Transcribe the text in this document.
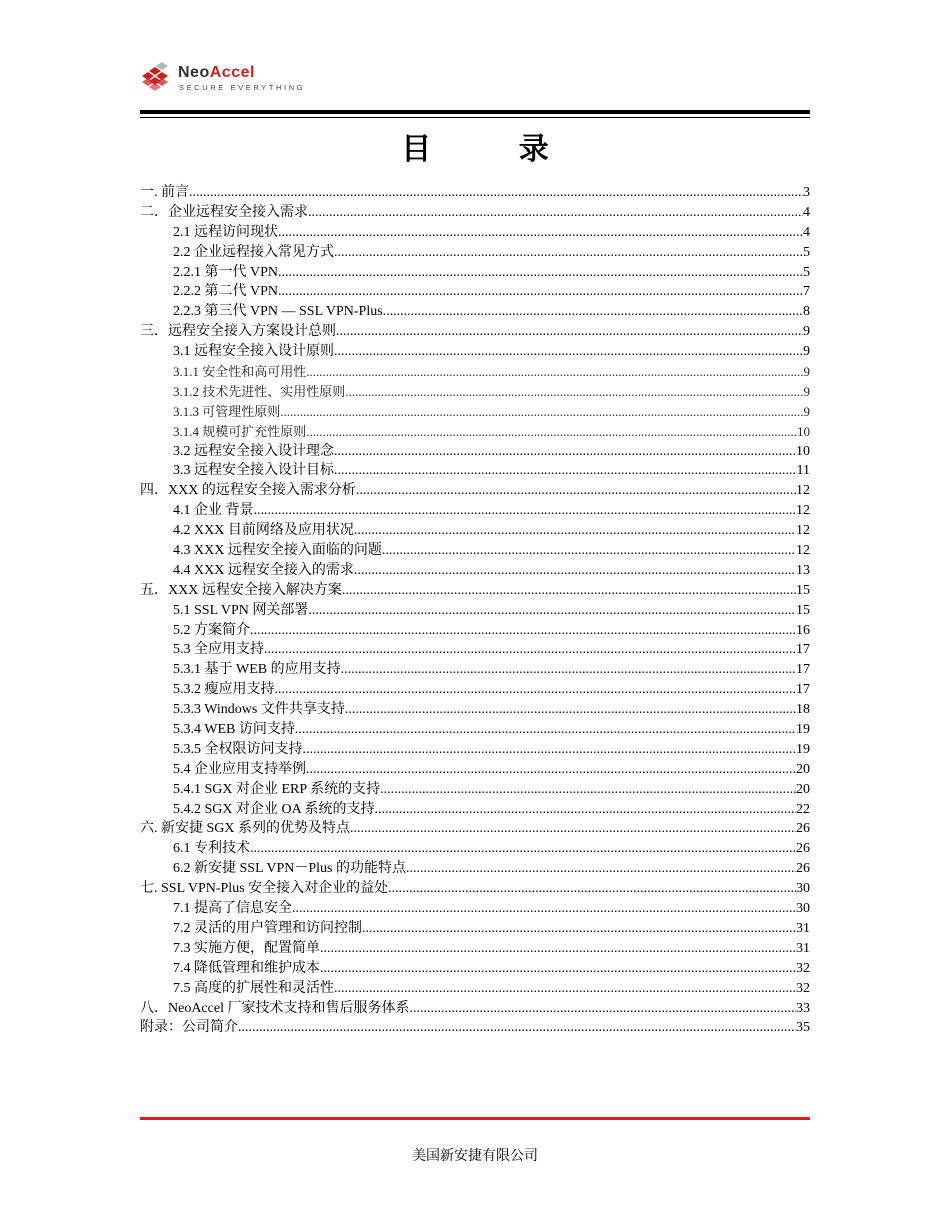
NeoAccel
SECURE EVERYTHING
目 录
一. 前言 .....	3
二．企业远程安全接入需求 .....	4
2.1 远程访问现状 .....	4
2.2 企业远程接入常见方式 .....	5
2.2.1 第一代 VPN .....	5
2.2.2 第二代 VPN .....	7
2.2.3 第三代 VPN — SSL VPN-Plus .....	8
三．远程安全接入方案设计总则 .....	9
3.1 远程安全接入设计原则 .....	9
3.1.1 安全性和高可用性 .....	9
3.1.2 技术先进性、实用性原则 .....	9
3.1.3 可管理性原则 .....	9
3.1.4 规模可扩充性原则 .....	10
3.2 远程安全接入设计理念 .....	10
3.3 远程安全接入设计目标 .....	11
四．XXX 的远程安全接入需求分析 .....	12
4.1 企业 背景 .....	12
4.2 XXX 目前网络及应用状况 .....	12
4.3 XXX 远程安全接入面临的问题 .....	12
4.4 XXX 远程安全接入的需求 .....	13
五．XXX 远程安全接入解决方案 .....	15
5.1 SSL VPN 网关部署 .....	15
5.2 方案简介 .....	16
5.3 全应用支持 .....	17
5.3.1 基于 WEB 的应用支持 .....	17
5.3.2 瘦应用支持 .....	17
5.3.3 Windows 文件共享支持 .....	18
5.3.4 WEB 访问支持 .....	19
5.3.5 全权限访问支持 .....	19
5.4 企业应用支持举例 .....	20
5.4.1 SGX 对企业 ERP 系统的支持 .....	20
5.4.2 SGX 对企业 OA 系统的支持 .....	22
六. 新安捷 SGX 系列的优势及特点 .....	26
6.1 专利技术 .....	26
6.2 新安捷 SSL VPN－Plus 的功能特点 .....	26
七. SSL VPN-Plus 安全接入对企业的益处 .....	30
7.1 提高了信息安全 .....	30
7.2 灵活的用户管理和访问控制 .....	31
7.3 实施方便，配置简单 .....	31
7.4 降低管理和维护成本 .....	32
7.5 高度的扩展性和灵活性 .....	32
八．NeoAccel 厂家技术支持和售后服务体系 .....	33
附录：公司简介 .....	35
美国新安捷有限公司
